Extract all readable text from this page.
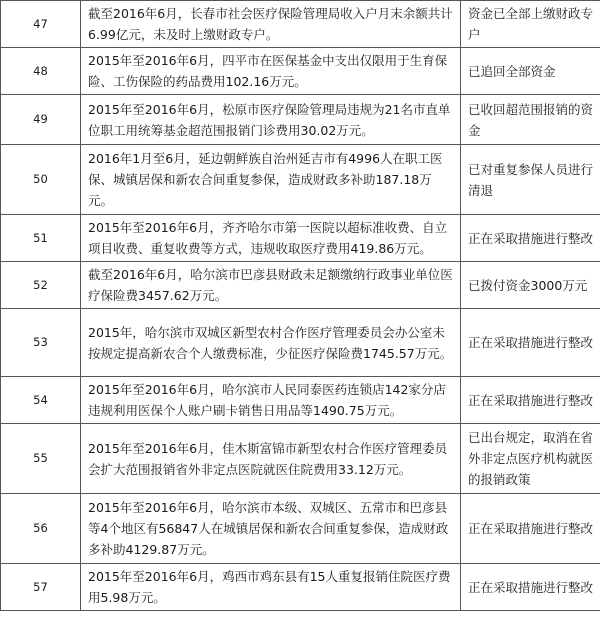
47	截至2016年6月，长春市社会医疗保险管理局收入户月末余额共计6.99亿元，未及时上缴财政专户。	资金已全部上缴财政专户
48	2015年至2016年6月，四平市在医保基金中支出仅限用于生育保险、工伤保险的药品费用102.16万元。	已追回全部资金
49	2015年至2016年6月，松原市医疗保险管理局违规为21名市直单位职工用统筹基金超范围报销门诊费用30.02万元。	已收回超范围报销的资金
50	2016年1月至6月，延边朝鲜族自治州延吉市有4996人在职工医保、城镇居保和新农合间重复参保，造成财政多补助187.18万元。	已对重复参保人员进行清退
51	2015年至2016年6月，齐齐哈尔市第一医院以超标准收费、自立项目收费、重复收费等方式，违规收取医疗费用419.86万元。	正在采取措施进行整改
52	截至2016年6月，哈尔滨市巴彦县财政未足额缴纳行政事业单位医疗保险费3457.62万元。	已拨付资金3000万元
53	2015年，哈尔滨市双城区新型农村合作医疗管理委员会办公室未按规定提高新农合个人缴费标准，少征医疗保险费1745.57万元。	正在采取措施进行整改
54	2015年至2016年6月，哈尔滨市人民同泰医药连锁店142家分店违规利用医保个人账户刷卡销售日用品等1490.75万元。	正在采取措施进行整改
55	2015年至2016年6月，佳木斯富锦市新型农村合作医疗管理委员会扩大范围报销省外非定点医院就医住院费用33.12万元。	已出台规定，取消在省外非定点医疗机构就医的报销政策
56	2015年至2016年6月，哈尔滨市本级、双城区、五常市和巴彦县等4个地区有56847人在城镇居保和新农合间重复参保，造成财政多补助4129.87万元。	正在采取措施进行整改
57	2015年至2016年6月，鸡西市鸡东县有15人重复报销住院医疗费用5.98万元。	正在采取措施进行整改
